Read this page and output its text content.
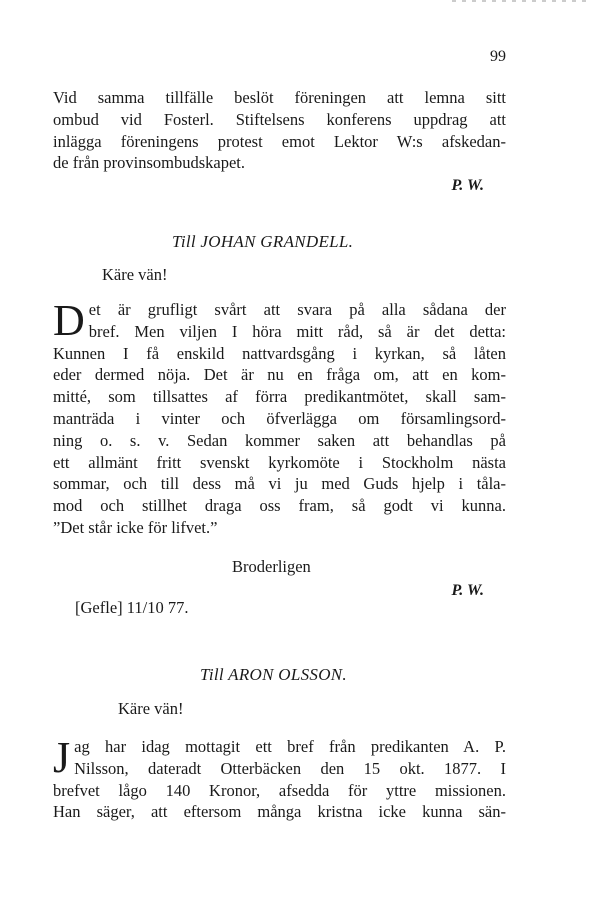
99
Vid samma tillfälle beslöt föreningen att lemna sitt
ombud vid Fosterl. Stiftelsens konferens uppdrag att
inlägga föreningens protest emot Lektor W:s afskedan-
de från provinsombudskapet.
P. W.
Till JOHAN GRANDELL.
Käre vän!
D et är grufligt svårt att svara på alla sådana der
bref. Men viljen I höra mitt råd, så är det detta:
Kunnen I få enskild nattvardsgång i kyrkan, så låten
eder dermed nöja. Det är nu en fråga om, att en kom-
mitté, som tillsattes af förra predikantmötet, skall sam-
manträda i vinter och öfverlägga om församlingsord-
ning o. s. v. Sedan kommer saken att behandlas på
ett allmänt fritt svenskt kyrkomöte i Stockholm nästa
sommar, och till dess må vi ju med Guds hjelp i tåla-
mod och stillhet draga oss fram, så godt vi kunna.
”Det står icke för lifvet.”
Broderligen
P. W.
[Gefle] 11/10 77.
Till ARON OLSSON.
Käre vän!
J ag har idag mottagit ett bref från predikanten A. P.
Nilsson, dateradt Otterbäcken den 15 okt. 1877. I
brefvet lågo 140 Kronor, afsedda för yttre missionen.
Han säger, att eftersom många kristna icke kunna sän-
